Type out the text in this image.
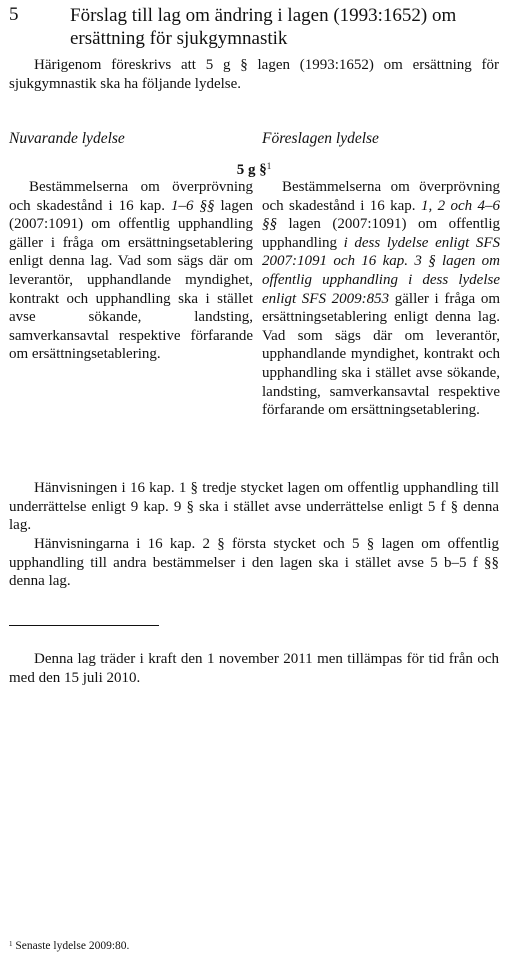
5	Förslag till lag om ändring i lagen (1993:1652) om ersättning för sjukgymnastik
Härigenom föreskrivs att 5 g § lagen (1993:1652) om ersättning för sjukgymnastik ska ha följande lydelse.
Nuvarande lydelse	Föreslagen lydelse
5 g §$^1$

Bestämmelserna om överprövning och skadestånd i 16 kap. 1–6 §§ lagen (2007:1091) om offentlig upphandling gäller i fråga om ersättningsetablering enligt denna lag. Vad som sägs där om leverantör, upphandlande myndighet, kontrakt och upphandling ska i stället avse sökande, landsting, samverkansavtal respektive förfarande om ersättningsetablering.

Bestämmelserna om överprövning och skadestånd i 16 kap. 1, 2 och 4–6 §§ lagen (2007:1091) om offentlig upphandling i dess lydelse enligt SFS 2007:1091 och 16 kap. 3 § lagen om offentlig upphandling i dess lydelse enligt SFS 2009:853 gäller i fråga om ersättningsetablering enligt denna lag. Vad som sägs där om leverantör, upphandlande myndighet, kontrakt och upphandling ska i stället avse sökande, landsting, samverkansavtal respektive förfarande om ersättningsetablering.

Hänvisningen i 16 kap. 1 § tredje stycket lagen om offentlig upphandling till underrättelse enligt 9 kap. 9 § ska i stället avse underrättelse enligt 5 f § denna lag.

Hänvisningarna i 16 kap. 2 § första stycket och 5 § lagen om offentlig upphandling till andra bestämmelser i den lagen ska i stället avse 5 b–5 f §§ denna lag.

Denna lag träder i kraft den 1 november 2011 men tillämpas för tid från och med den 15 juli 2010.

$^1$ Senaste lydelse 2009:80.
